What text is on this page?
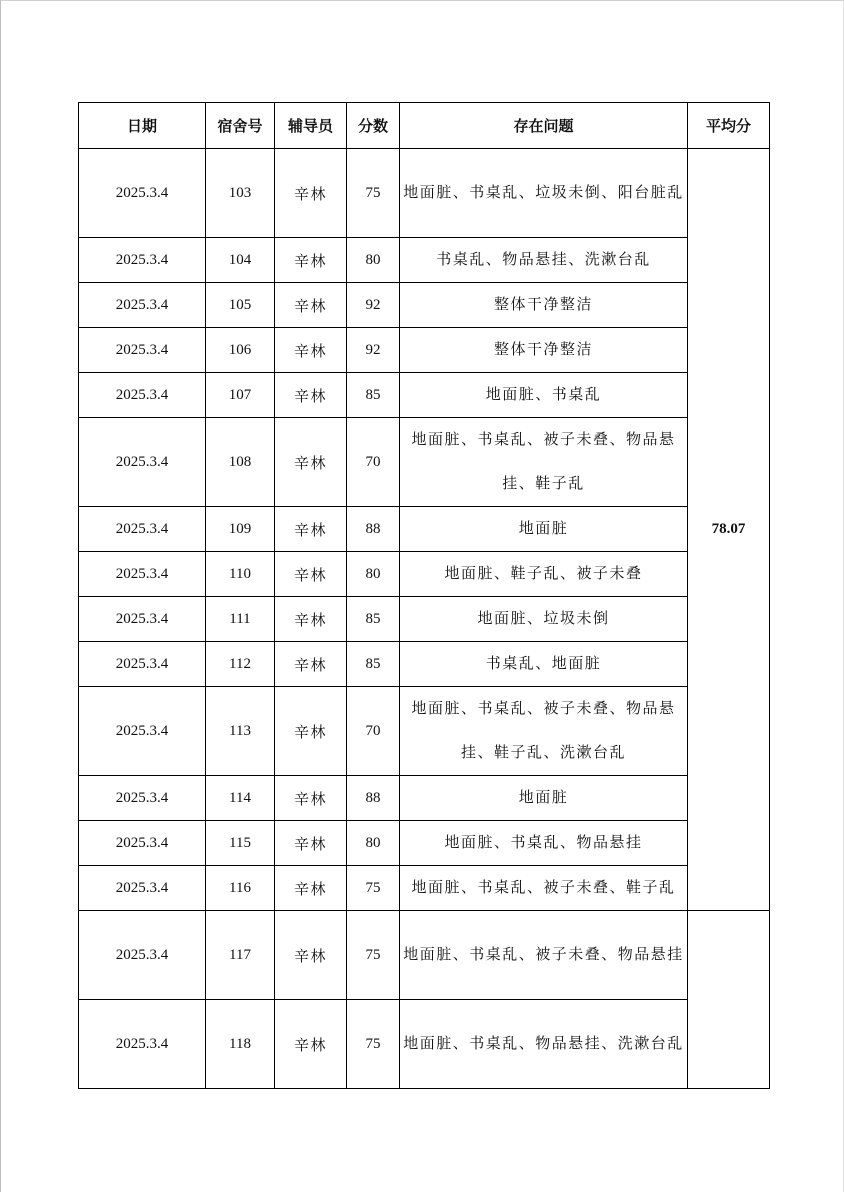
日期	宿舍号	辅导员	分数	存在问题	平均分
2025.3.4	103	辛林	75	地面脏、书桌乱、垃圾未倒、阳台脏乱	78.07
2025.3.4	104	辛林	80	书桌乱、物品悬挂、洗漱台乱	
2025.3.4	105	辛林	92	整体干净整洁	
2025.3.4	106	辛林	92	整体干净整洁	
2025.3.4	107	辛林	85	地面脏、书桌乱	
2025.3.4	108	辛林	70	地面脏、书桌乱、被子未叠、物品悬挂、鞋子乱	
2025.3.4	109	辛林	88	地面脏	
2025.3.4	110	辛林	80	地面脏、鞋子乱、被子未叠	
2025.3.4	111	辛林	85	地面脏、垃圾未倒	
2025.3.4	112	辛林	85	书桌乱、地面脏	
2025.3.4	113	辛林	70	地面脏、书桌乱、被子未叠、物品悬挂、鞋子乱、洗漱台乱	
2025.3.4	114	辛林	88	地面脏	
2025.3.4	115	辛林	80	地面脏、书桌乱、物品悬挂	
2025.3.4	116	辛林	75	地面脏、书桌乱、被子未叠、鞋子乱	
2025.3.4	117	辛林	75	地面脏、书桌乱、被子未叠、物品悬挂	
2025.3.4	118	辛林	75	地面脏、书桌乱、物品悬挂、洗漱台乱	
